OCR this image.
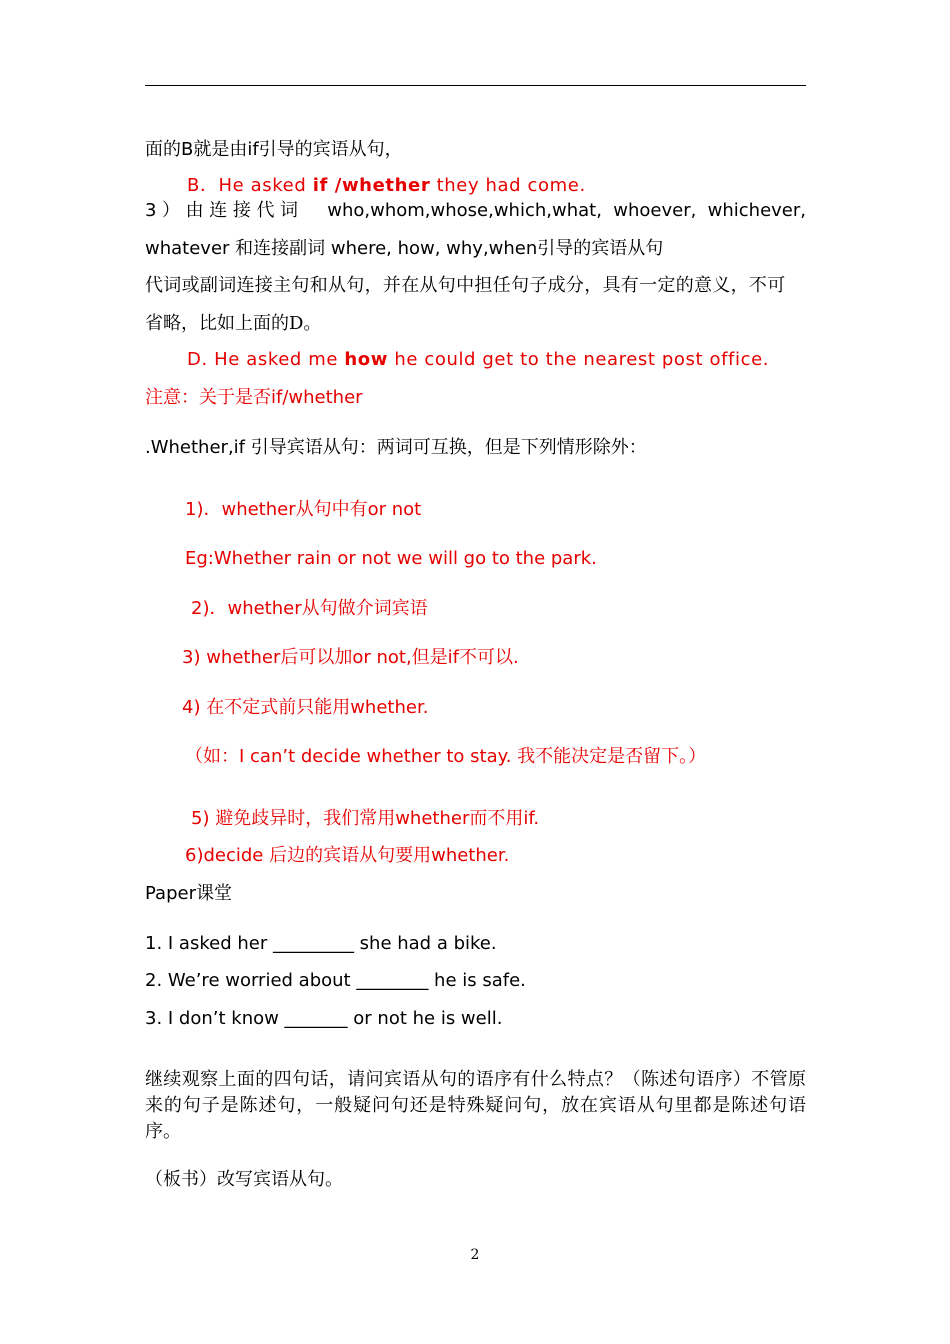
面的B就是由if引导的宾语从句，
B．He asked if /whether they had come.
3）由连接代词　who,whom,whose,which,what, whoever, whichever,
whatever 和连接副词 where, how, why,when引导的宾语从句
代词或副词连接主句和从句，并在从句中担任句子成分，具有一定的意义，不可
省略，比如上面的D。
D. He asked me how he could get to the nearest post office.
注意：关于是否if/whether
.Whether,if 引导宾语从句：两词可互换，但是下列情形除外：
1)．whether从句中有or not
Eg:Whether rain or not we will go to the park.
2)．whether从句做介词宾语
3) whether后可以加or not,但是if不可以.
4) 在不定式前只能用whether.
（如：I can’t decide whether to stay. 我不能决定是否留下。）
5) 避免歧异时，我们常用whether而不用if.
6)decide 后边的宾语从句要用whether.
Paper课堂
1. I asked her _________ she had a bike.
2. We’re worried about ________ he is safe.
3. I don’t know _______ or not he is well.
继续观察上面的四句话，请问宾语从句的语序有什么特点？（陈述句语序）不管原来的句子是陈述句，一般疑问句还是特殊疑问句，放在宾语从句里都是陈述句语序。
（板书）改写宾语从句。
2
